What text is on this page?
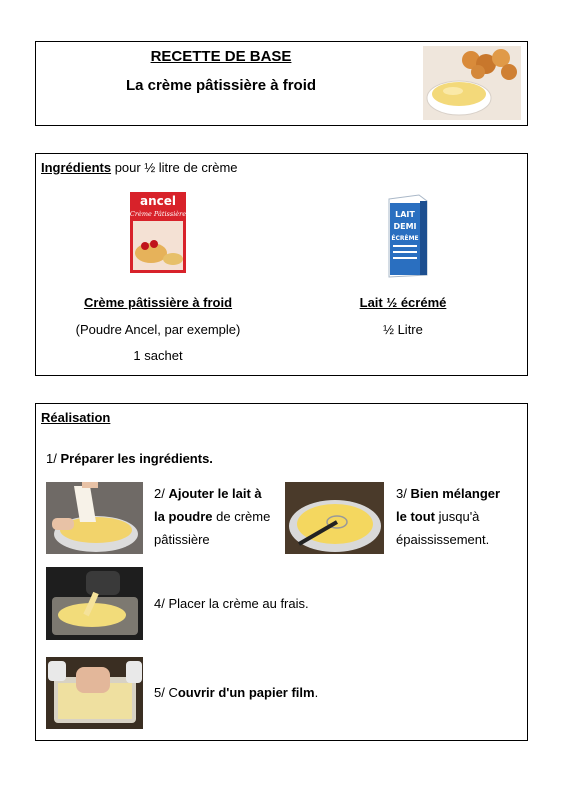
RECETTE DE BASE
La crème pâtissière à froid
Ingrédients pour ½ litre de crème
ancel
Crème Pâtissière	LAIT
DEMI
ÉCRÈME
Crème pâtissière à froid
(Poudre Ancel, par exemple)
1 sachet
Lait ½ écrémé
½ Litre
Réalisation
1/ Préparer les ingrédients.
2/ Ajouter le lait à
la poudre de crème
pâtissière
3/ Bien mélanger
le tout jusqu'à
épaississement.
4/ Placer la crème au frais.
5/ Couvrir d'un papier film.
